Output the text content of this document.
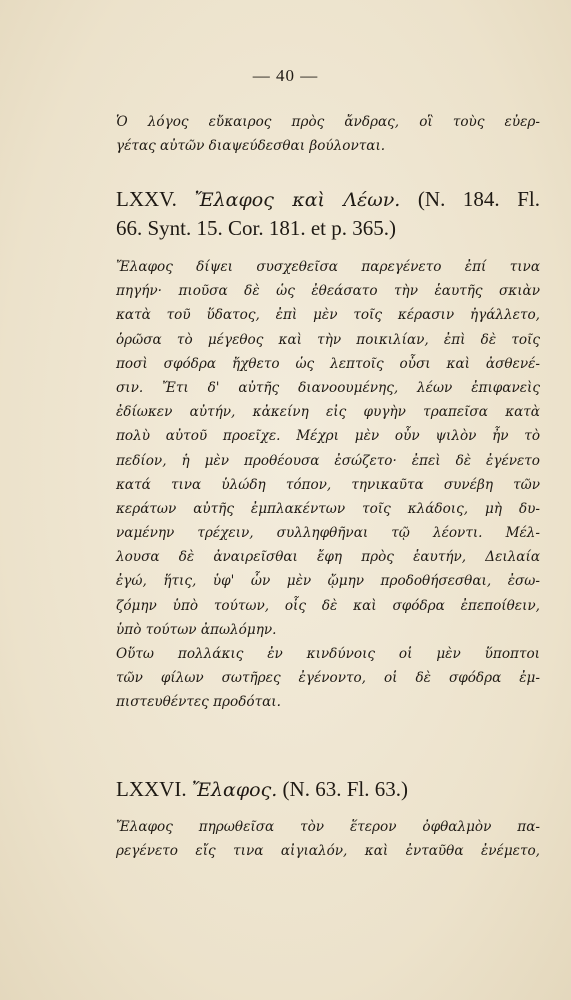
— 40 —
Ὁ λόγος εὔκαιρος πρὸς ἄνδρας, οἳ τοὺς εὐερ-
γέτας αὐτῶν διαψεύδεσθαι βούλονται.
LXXV. Ἔλαφος καὶ Λέων. (N. 184. Fl.
66. Synt. 15. Cor. 181. et p. 365.)
Ἔλαφος δίψει συσχεθεῖσα παρεγένετο ἐπί τινα
πηγήν· πιοῦσα δὲ ὡς ἐθεάσατο τὴν ἑαυτῆς σκιὰν
κατὰ τοῦ ὕδατος, ἐπὶ μὲν τοῖς κέρασιν ἠγάλλετο,
ὁρῶσα τὸ μέγεθος καὶ τὴν ποικιλίαν, ἐπὶ δὲ τοῖς
ποσὶ σφόδρα ἤχθετο ὡς λεπτοῖς οὖσι καὶ ἀσθενέ-
σιν. Ἔτι δ' αὐτῆς διανοουμένης, λέων ἐπιφανεὶς
ἐδίωκεν αὐτήν, κἀκείνη εἰς φυγὴν τραπεῖσα κατὰ
πολὺ αὐτοῦ προεῖχε. Μέχρι μὲν οὖν ψιλὸν ἦν τὸ
πεδίον, ἡ μὲν προθέουσα ἐσώζετο· ἐπεὶ δὲ ἐγένετο
κατά τινα ὑλώδη τόπον, τηνικαῦτα συνέβη τῶν
κεράτων αὐτῆς ἐμπλακέντων τοῖς κλάδοις, μὴ δυ-
ναμένην τρέχειν, συλληφθῆναι τῷ λέοντι. Μέλ-
λουσα δὲ ἀναιρεῖσθαι ἔφη πρὸς ἑαυτήν, Δειλαία
ἐγώ, ἥτις, ὑφ' ὧν μὲν ᾤμην προδοθήσεσθαι, ἐσω-
ζόμην ὑπὸ τούτων, οἷς δὲ καὶ σφόδρα ἐπεποίθειν,
ὑπὸ τούτων ἀπωλόμην.
Οὕτω πολλάκις ἐν κινδύνοις οἱ μὲν ὕποπτοι
τῶν φίλων σωτῆρες ἐγένοντο, οἱ δὲ σφόδρα ἐμ-
πιστευθέντες προδόται.
LXXVI. Ἔλαφος. (N. 63. Fl. 63.)
Ἔλαφος πηρωθεῖσα τὸν ἕτερον ὀφθαλμὸν πα-
ρεγένετο εἴς τινα αἰγιαλόν, καὶ ἐνταῦθα ἐνέμετο,
